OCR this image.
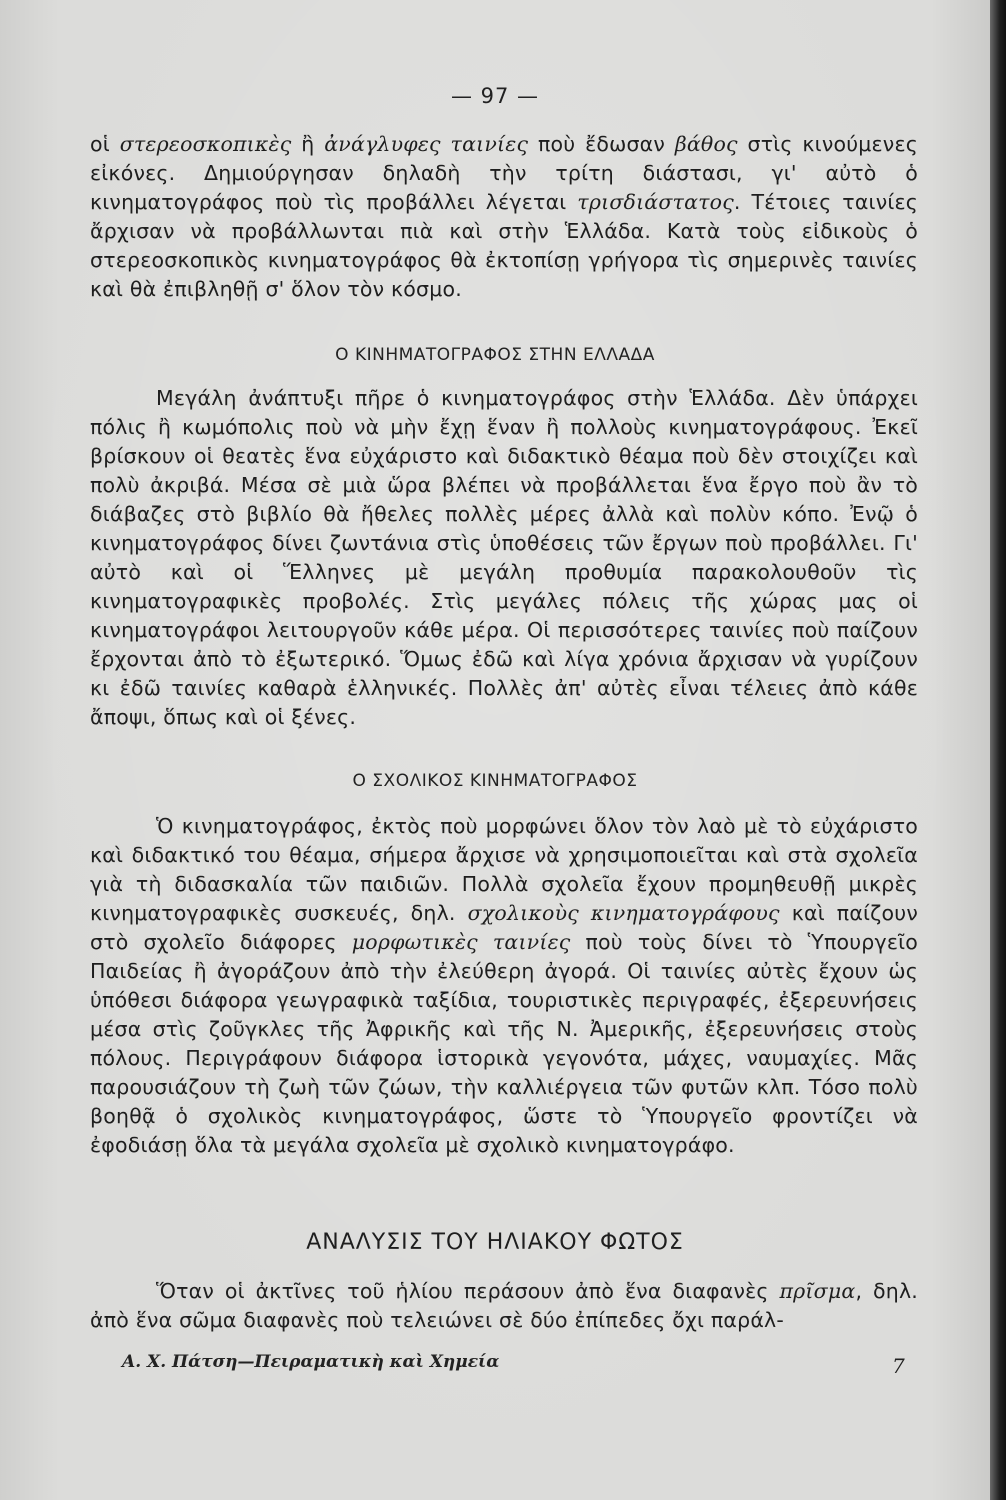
— 97 —

οἱ στερεοσκοπικὲς ἢ ἀνάγλυφες ταινίες ποὺ ἔδωσαν βάθος στὶς κινούμενες εἰκόνες. Δημιούργησαν δηλαδὴ τὴν τρίτη διάστασι, γι' αὐτὸ ὁ κινηματογράφος ποὺ τὶς προβάλλει λέγεται τρισδιάστατος. Τέτοιες ταινίες ἄρχισαν νὰ προβάλλωνται πιὰ καὶ στὴν Ἑλλάδα. Κατὰ τοὺς εἰδικοὺς ὁ στερεοσκοπικὸς κινηματογράφος θὰ ἐκτοπίσῃ γρήγορα τὶς σημερινὲς ταινίες καὶ θὰ ἐπιβληθῇ σ' ὅλον τὸν κόσμο.

Ο ΚΙΝΗΜΑΤΟΓΡΑΦΟΣ ΣΤΗΝ ΕΛΛΑΔΑ

Μεγάλη ἀνάπτυξι πῆρε ὁ κινηματογράφος στὴν Ἑλλάδα. Δὲν ὑπάρχει πόλις ἢ κωμόπολις ποὺ νὰ μὴν ἔχῃ ἕναν ἢ πολλοὺς κινηματογράφους. Ἐκεῖ βρίσκουν οἱ θεατὲς ἕνα εὐχάριστο καὶ διδακτικὸ θέαμα ποὺ δὲν στοιχίζει καὶ πολὺ ἀκριβά. Μέσα σὲ μιὰ ὥρα βλέπει νὰ προβάλλεται ἕνα ἔργο ποὺ ἂν τὸ διάβαζες στὸ βιβλίο θὰ ἤθελες πολλὲς μέρες ἀλλὰ καὶ πολὺν κόπο. Ἐνῷ ὁ κινηματογράφος δίνει ζωντάνια στὶς ὑποθέσεις τῶν ἔργων ποὺ προβάλλει. Γι' αὐτὸ καὶ οἱ Ἕλληνες μὲ μεγάλη προθυμία παρακολουθοῦν τὶς κινηματογραφικὲς προβολές. Στὶς μεγάλες πόλεις τῆς χώρας μας οἱ κινηματογράφοι λειτουργοῦν κάθε μέρα. Οἱ περισσότερες ταινίες ποὺ παίζουν ἔρχονται ἀπὸ τὸ ἐξωτερικό. Ὅμως ἐδῶ καὶ λίγα χρόνια ἄρχισαν νὰ γυρίζουν κι ἐδῶ ταινίες καθαρὰ ἑλληνικές. Πολλὲς ἀπ' αὐτὲς εἶναι τέλειες ἀπὸ κάθε ἄποψι, ὅπως καὶ οἱ ξένες.

Ο ΣΧΟΛΙΚΟΣ ΚΙΝΗΜΑΤΟΓΡΑΦΟΣ

Ὁ κινηματογράφος, ἐκτὸς ποὺ μορφώνει ὅλον τὸν λαὸ μὲ τὸ εὐχάριστο καὶ διδακτικό του θέαμα, σήμερα ἄρχισε νὰ χρησιμοποιεῖται καὶ στὰ σχολεῖα γιὰ τὴ διδασκαλία τῶν παιδιῶν. Πολλὰ σχολεῖα ἔχουν προμηθευθῇ μικρὲς κινηματογραφικὲς συσκευές, δηλ. σχολικοὺς κινηματογράφους καὶ παίζουν στὸ σχολεῖο διάφορες μορφωτικὲς ταινίες ποὺ τοὺς δίνει τὸ Ὑπουργεῖο Παιδείας ἢ ἀγοράζουν ἀπὸ τὴν ἐλεύθερη ἀγορά. Οἱ ταινίες αὐτὲς ἔχουν ὡς ὑπόθεσι διάφορα γεωγραφικὰ ταξίδια, τουριστικὲς περιγραφές, ἐξερευνήσεις μέσα στὶς ζοῦγκλες τῆς Ἀφρικῆς καὶ τῆς Ν. Ἀμερικῆς, ἐξερευνήσεις στοὺς πόλους. Περιγράφουν διάφορα ἱστορικὰ γεγονότα, μάχες, ναυμαχίες. Μᾶς παρουσιάζουν τὴ ζωὴ τῶν ζώων, τὴν καλλιέργεια τῶν φυτῶν κλπ. Τόσο πολὺ βοηθᾷ ὁ σχολικὸς κινηματογράφος, ὥστε τὸ Ὑπουργεῖο φροντίζει νὰ ἐφοδιάσῃ ὅλα τὰ μεγάλα σχολεῖα μὲ σχολικὸ κινηματογράφο.

ΑΝΑΛΥΣΙΣ ΤΟΥ ΗΛΙΑΚΟΥ ΦΩΤΟΣ

Ὅταν οἱ ἀκτῖνες τοῦ ἡλίου περάσουν ἀπὸ ἕνα διαφανὲς πρῖσμα, δηλ. ἀπὸ ἕνα σῶμα διαφανὲς ποὺ τελειώνει σὲ δύο ἐπίπεδες ὄχι παράλ-

Α. Χ. Πάτση—Πειραματικὴ καὶ Χημεία	7
